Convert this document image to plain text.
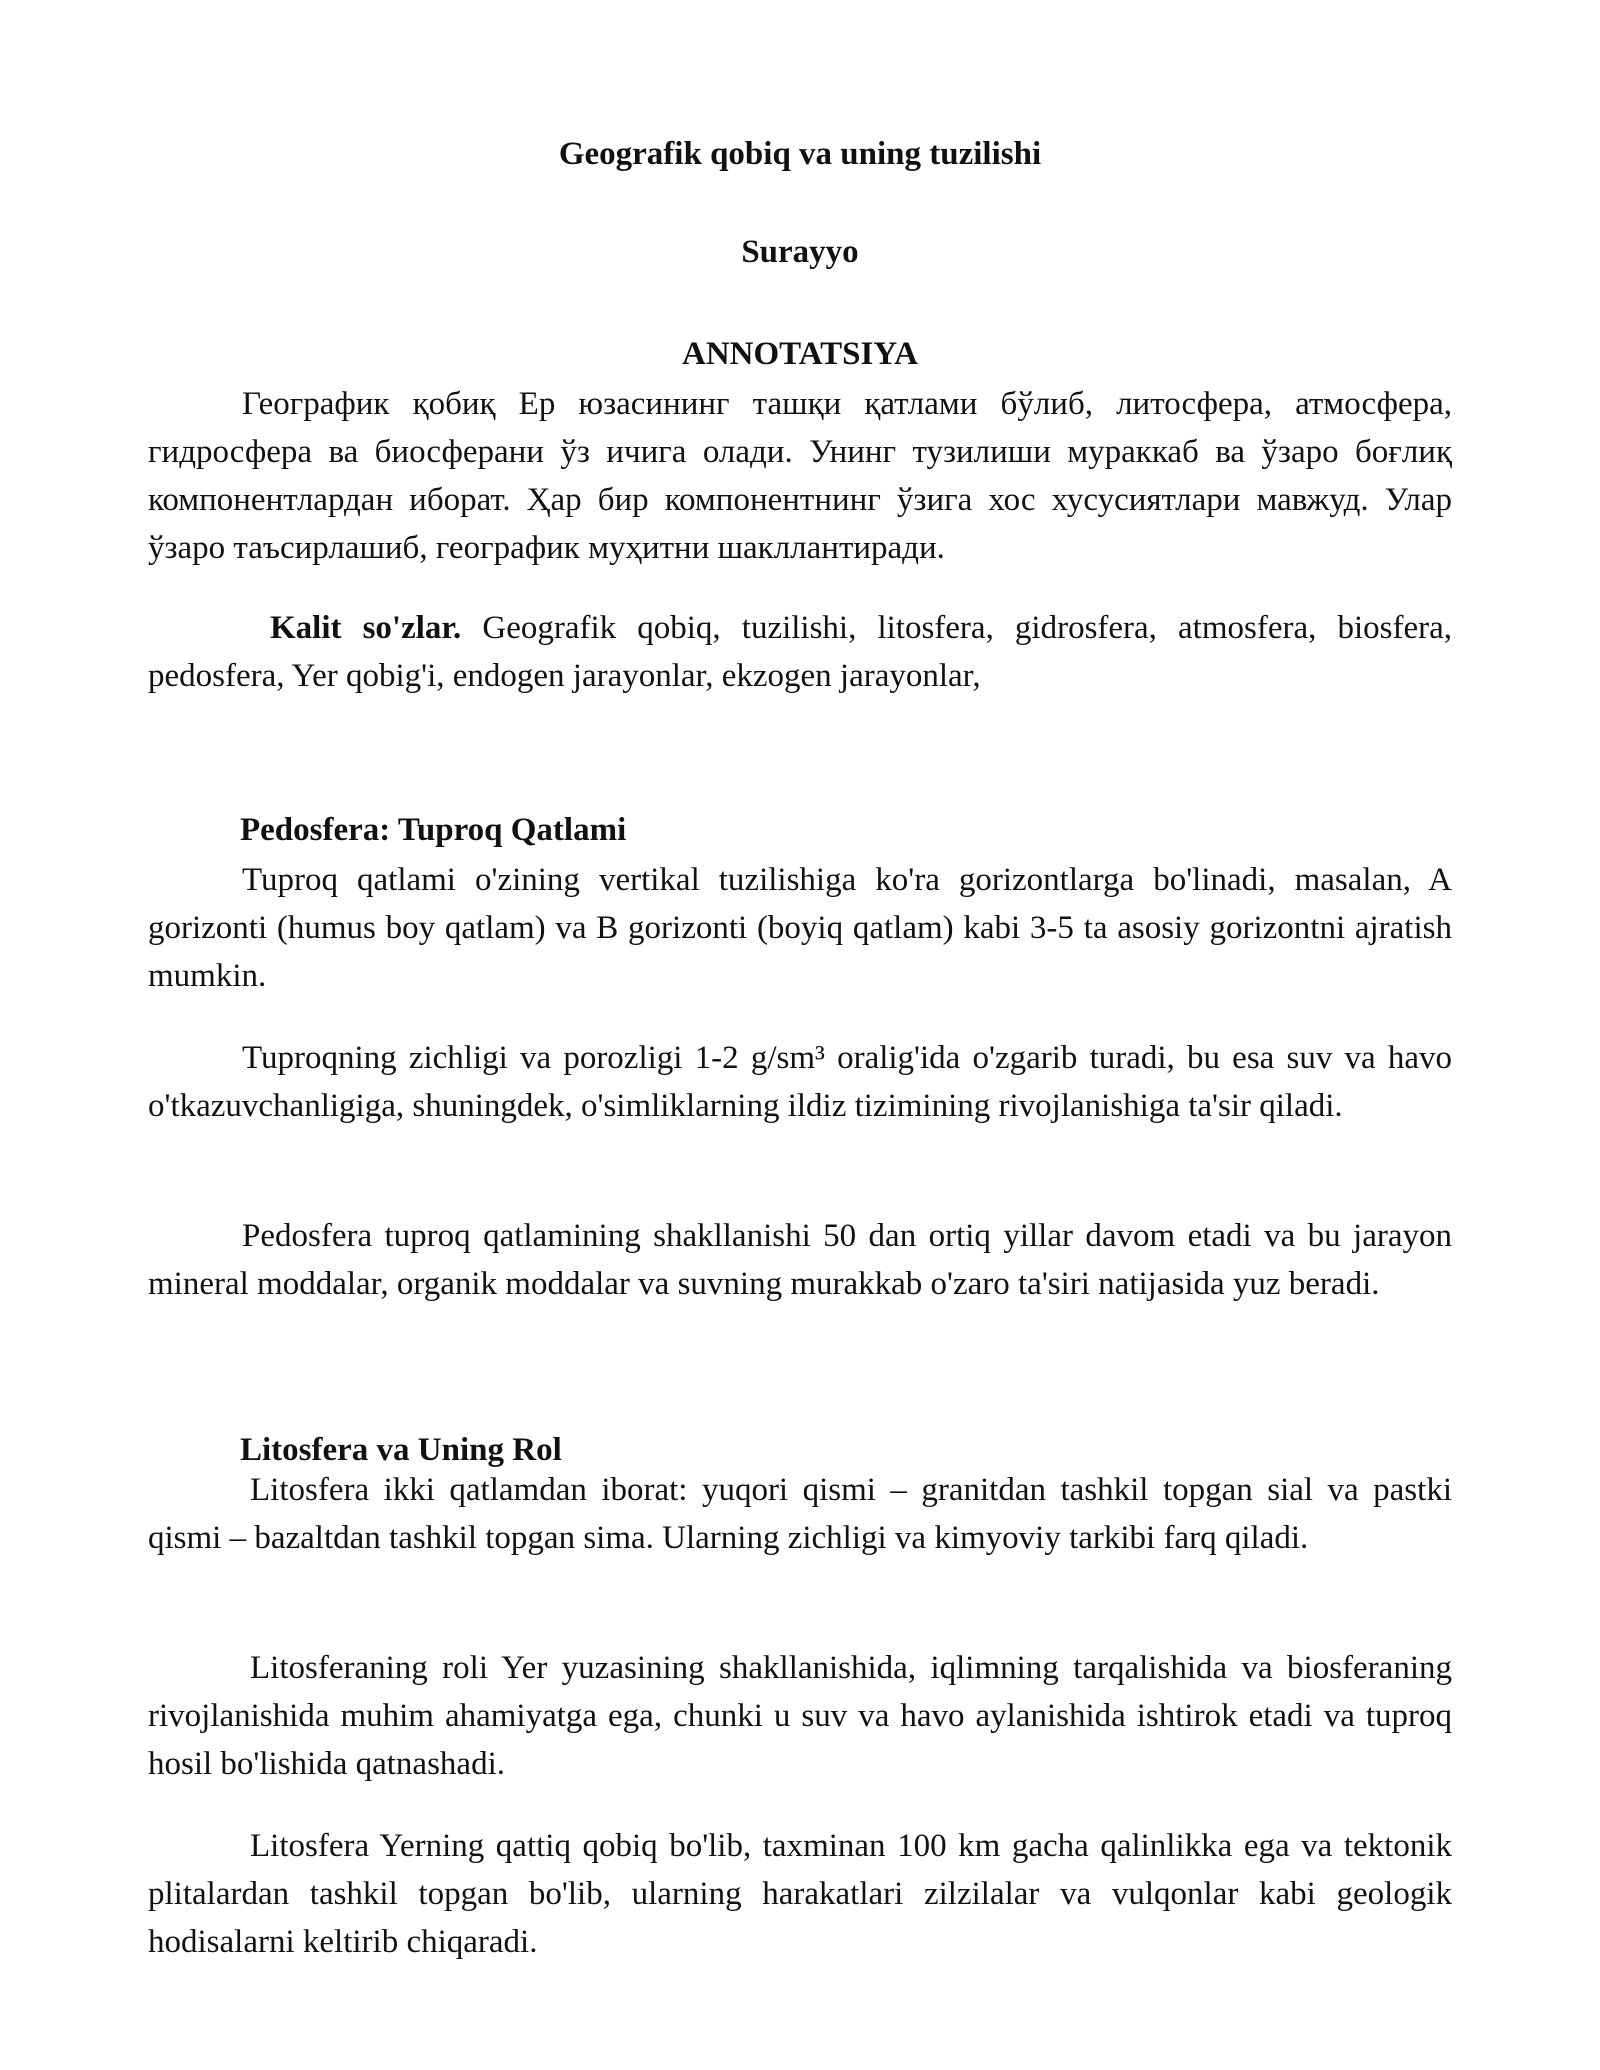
Geografik qobiq va uning tuzilishi

Surayyo

ANNOTATSIYA

Географик қобиқ Ер юзасининг ташқи қатлами бўлиб, литосфера, атмосфера, гидросфера ва биосферани ўз ичига олади. Унинг тузилиши мураккаб ва ўзаро боғлиқ компонентлардан иборат. Ҳар бир компонентнинг ўзига хос хусусиятлари мавжуд. Улар ўзаро таъсирлашиб, географик муҳитни шакллантиради.

Kalit so'zlar. Geografik qobiq, tuzilishi, litosfera, gidrosfera, atmosfera, biosfera, pedosfera, Yer qobig'i, endogen jarayonlar, ekzogen jarayonlar,

Pedosfera: Tuproq Qatlami

Tuproq qatlami o'zining vertikal tuzilishiga ko'ra gorizontlarga bo'linadi, masalan, A gorizonti (humus boy qatlam) va B gorizonti (boyiq qatlam) kabi 3-5 ta asosiy gorizontni ajratish mumkin.

Tuproqning zichligi va porozligi 1-2 g/sm³ oralig'ida o'zgarib turadi, bu esa suv va havo o'tkazuvchanligiga, shuningdek, o'simliklarning ildiz tizimining rivojlanishiga ta'sir qiladi.

Pedosfera tuproq qatlamining shakllanishi 50 dan ortiq yillar davom etadi va bu jarayon mineral moddalar, organik moddalar va suvning murakkab o'zaro ta'siri natijasida yuz beradi.

Litosfera va Uning Rol

Litosfera ikki qatlamdan iborat: yuqori qismi – granitdan tashkil topgan sial va pastki qismi – bazaltdan tashkil topgan sima. Ularning zichligi va kimyoviy tarkibi farq qiladi.

Litosferaning roli Yer yuzasining shakllanishida, iqlimning tarqalishida va biosferaning rivojlanishida muhim ahamiyatga ega, chunki u suv va havo aylanishida ishtirok etadi va tuproq hosil bo'lishida qatnashadi.

Litosfera Yerning qattiq qobiq bo'lib, taxminan 100 km gacha qalinlikka ega va tektonik plitalardan tashkil topgan bo'lib, ularning harakatlari zilzilalar va vulqonlar kabi geologik hodisalarni keltirib chiqaradi.
